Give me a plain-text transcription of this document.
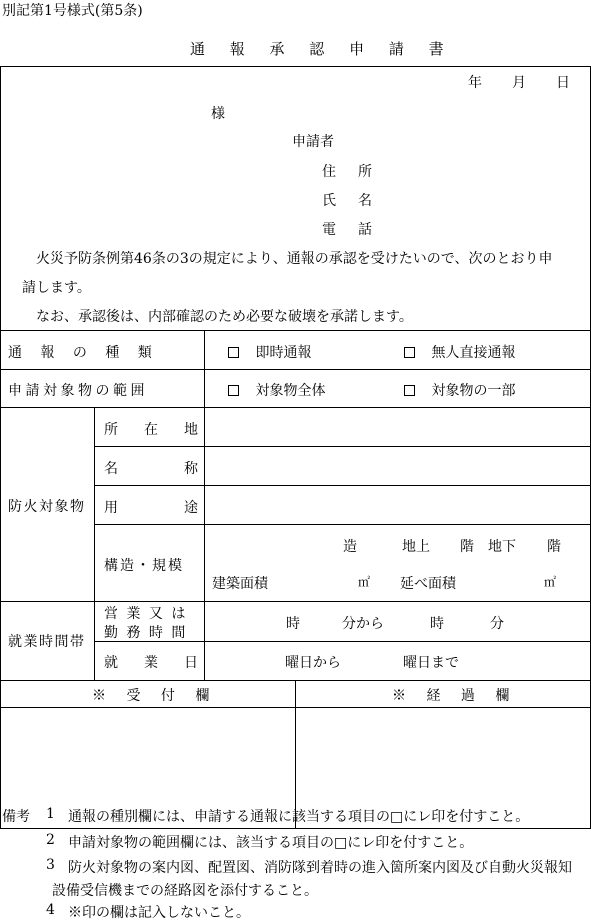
別記第1号様式(第5条)
通 報 承 認 申 請 書
年 月 日
様
申請者
住　所
氏　名
電　話
火災予防条例第46条の3の規定により、通報の承認を受けたいので、次のとおり申
請します。
なお、承認後は、内部確認のため必要な破壊を承諾します。
通 報 の 種 類	即時通報	無人直接通報
申請対象物の範囲	対象物全体	対象物の一部
防火対象物
所　在　地
名　　　称
用　　　途
構造・規模
造	地上 階 地下 階
建築面積	㎡ 延べ面積	㎡
就業時間帯
営 業 又 は
勤 務 時 間
時	分から	時	分
就　業　日	曜日から	曜日まで
※ 受 付 欄	※ 経 過 欄
備考 1 通報の種別欄には、申請する通報に該当する項目の□にレ印を付すこと。
2 申請対象物の範囲欄には、該当する項目の□にレ印を付すこと。
3 防火対象物の案内図、配置図、消防隊到着時の進入箇所案内図及び自動火災報知
設備受信機までの経路図を添付すること。
4 ※印の欄は記入しないこと。
